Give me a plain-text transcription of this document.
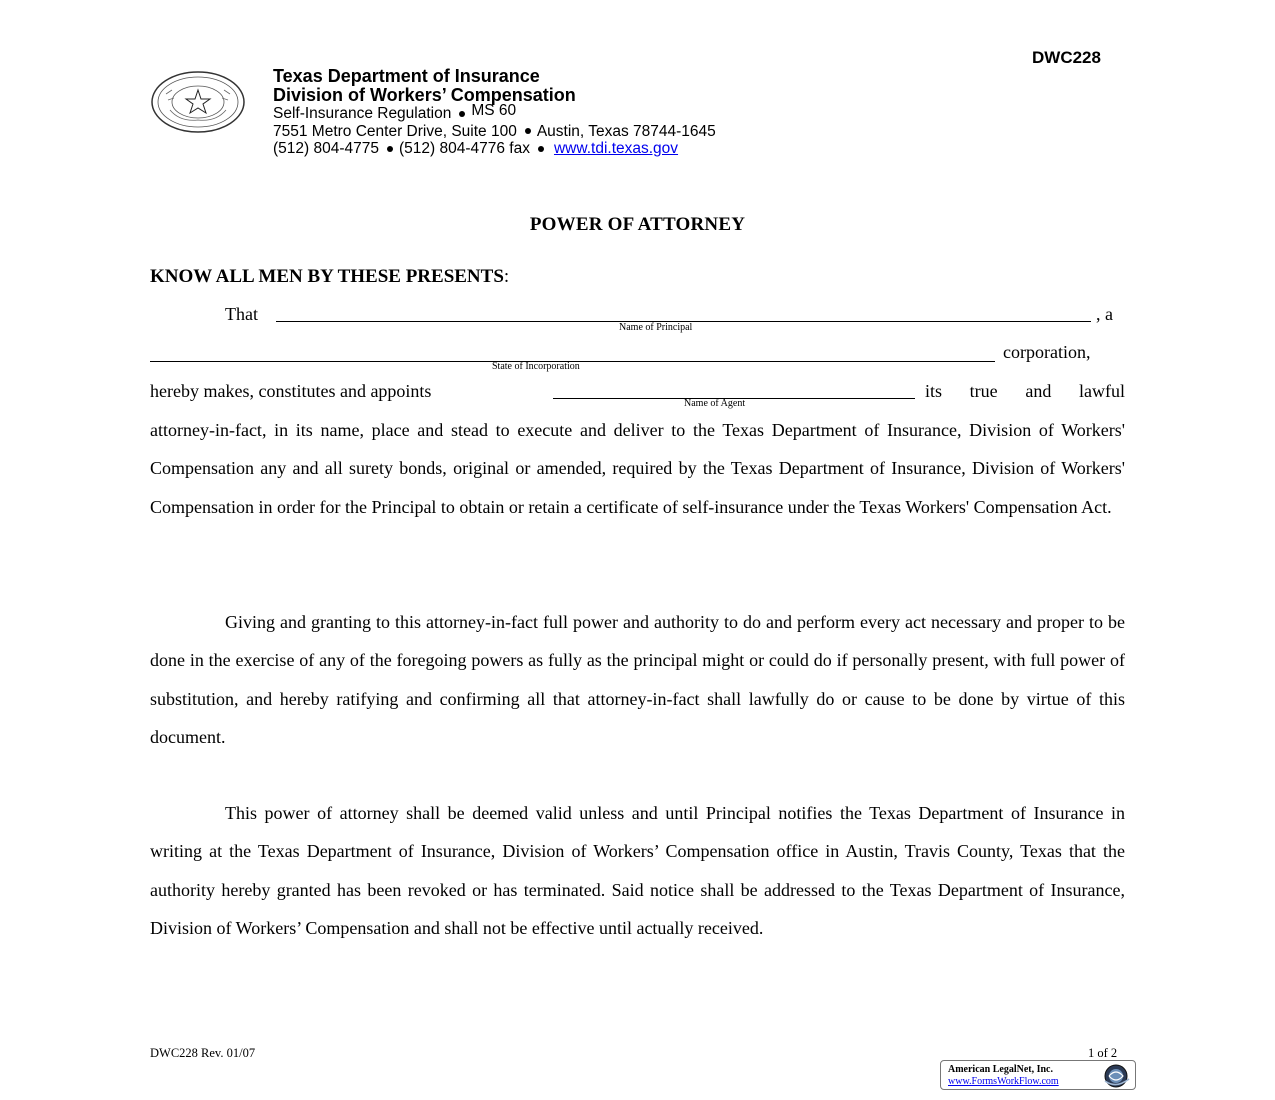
DWC228
Texas Department of Insurance
Division of Workers’ Compensation
Self-Insurance Regulation MS 60
7551 Metro Center Drive, Suite 100 Austin, Texas 78744-1645
(512) 804-4775 (512) 804-4776 fax www.tdi.texas.gov
POWER OF ATTORNEY
KNOW ALL MEN BY THESE PRESENTS:
That
Name of Principal
, a
State of Incorporation
corporation,
hereby makes, constitutes and appoints
Name of Agent
its true and lawful

attorney-in-fact, in its name, place and stead to execute and deliver to the Texas Department of Insurance, Division of Workers' Compensation any and all surety bonds, original or amended, required by the Texas Department of Insurance, Division of Workers' Compensation in order for the Principal to obtain or retain a certificate of self-insurance under the Texas Workers' Compensation Act.

Giving and granting to this attorney-in-fact full power and authority to do and perform every act necessary and proper to be done in the exercise of any of the foregoing powers as fully as the principal might or could do if personally present, with full power of substitution, and hereby ratifying and confirming all that attorney-in-fact shall lawfully do or cause to be done by virtue of this document.

This power of attorney shall be deemed valid unless and until Principal notifies the Texas Department of Insurance in writing at the Texas Department of Insurance, Division of Workers’ Compensation office in Austin, Travis County, Texas that the authority hereby granted has been revoked or has terminated. Said notice shall be addressed to the Texas Department of Insurance, Division of Workers’ Compensation and shall not be effective until actually received.

DWC228 Rev. 01/07	1 of 2
American LegalNet, Inc.
www.FormsWorkFlow.com
